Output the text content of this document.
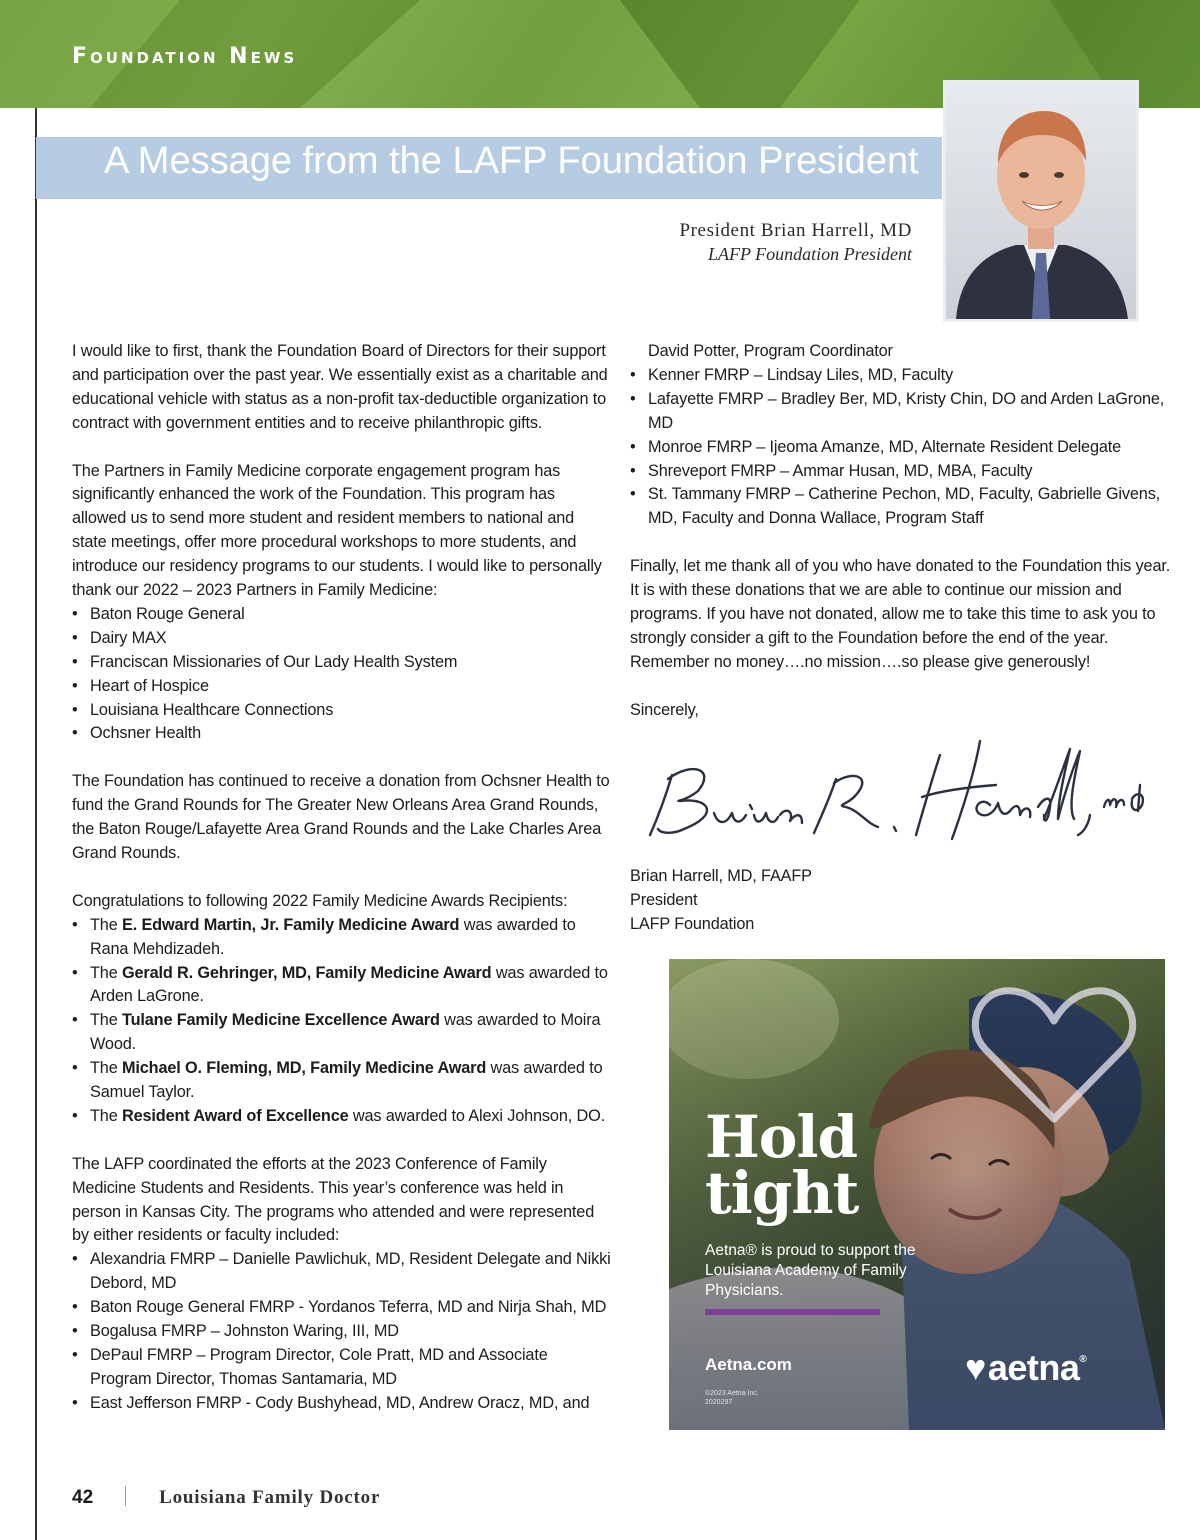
Foundation News
A Message from the LAFP Foundation President
President Brian Harrell, MD
LAFP Foundation President

I would like to first, thank the Foundation Board of Directors for their support and participation over the past year. We essentially exist as a charitable and educational vehicle with status as a non-profit tax-deductible organization to contract with government entities and to receive philanthropic gifts.

The Partners in Family Medicine corporate engagement program has significantly enhanced the work of the Foundation. This program has allowed us to send more student and resident members to national and state meetings, offer more procedural workshops to more students, and introduce our residency programs to our students. I would like to personally thank our 2022 – 2023 Partners in Family Medicine:

• Baton Rouge General
• Dairy MAX
• Franciscan Missionaries of Our Lady Health System
• Heart of Hospice
• Louisiana Healthcare Connections
• Ochsner Health

The Foundation has continued to receive a donation from Ochsner Health to fund the Grand Rounds for The Greater New Orleans Area Grand Rounds, the Baton Rouge/Lafayette Area Grand Rounds and the Lake Charles Area Grand Rounds.

Congratulations to following 2022 Family Medicine Awards Recipients:

• The E. Edward Martin, Jr. Family Medicine Award was awarded to Rana Mehdizadeh.
• The Gerald R. Gehringer, MD, Family Medicine Award was awarded to Arden LaGrone.
• The Tulane Family Medicine Excellence Award was awarded to Moira Wood.
• The Michael O. Fleming, MD, Family Medicine Award was awarded to Samuel Taylor.
• The Resident Award of Excellence was awarded to Alexi Johnson, DO.

The LAFP coordinated the efforts at the 2023 Conference of Family Medicine Students and Residents. This year’s conference was held in person in Kansas City. The programs who attended and were represented by either residents or faculty included:

• Alexandria FMRP – Danielle Pawlichuk, MD, Resident Delegate and Nikki Debord, MD
• Baton Rouge General FMRP - Yordanos Teferra, MD and Nirja Shah, MD
• Bogalusa FMRP – Johnston Waring, III, MD
• DePaul FMRP – Program Director, Cole Pratt, MD and Associate Program Director, Thomas Santamaria, MD
• East Jefferson FMRP - Cody Bushyhead, MD, Andrew Oracz, MD, and

David Potter, Program Coordinator

• Kenner FMRP – Lindsay Liles, MD, Faculty
• Lafayette FMRP – Bradley Ber, MD, Kristy Chin, DO and Arden LaGrone, MD
• Monroe FMRP – Ijeoma Amanze, MD, Alternate Resident Delegate
• Shreveport FMRP – Ammar Husan, MD, MBA, Faculty
• St. Tammany FMRP – Catherine Pechon, MD, Faculty, Gabrielle Givens, MD, Faculty and Donna Wallace, Program Staff

Finally, let me thank all of you who have donated to the Foundation this year. It is with these donations that we are able to continue our mission and programs. If you have not donated, allow me to take this time to ask you to strongly consider a gift to the Foundation before the end of the year. Remember no money….no mission….so please give generously!

Sincerely,

Brian Harrell, MD, FAAFP

President

LAFP Foundation

Hold
tight
Aetna® is proud to support the Louisiana Academy of Family Physicians.
Aetna.com
©2023 Aetna Inc.
2020297
♥aetna®
42	Louisiana Family Doctor
